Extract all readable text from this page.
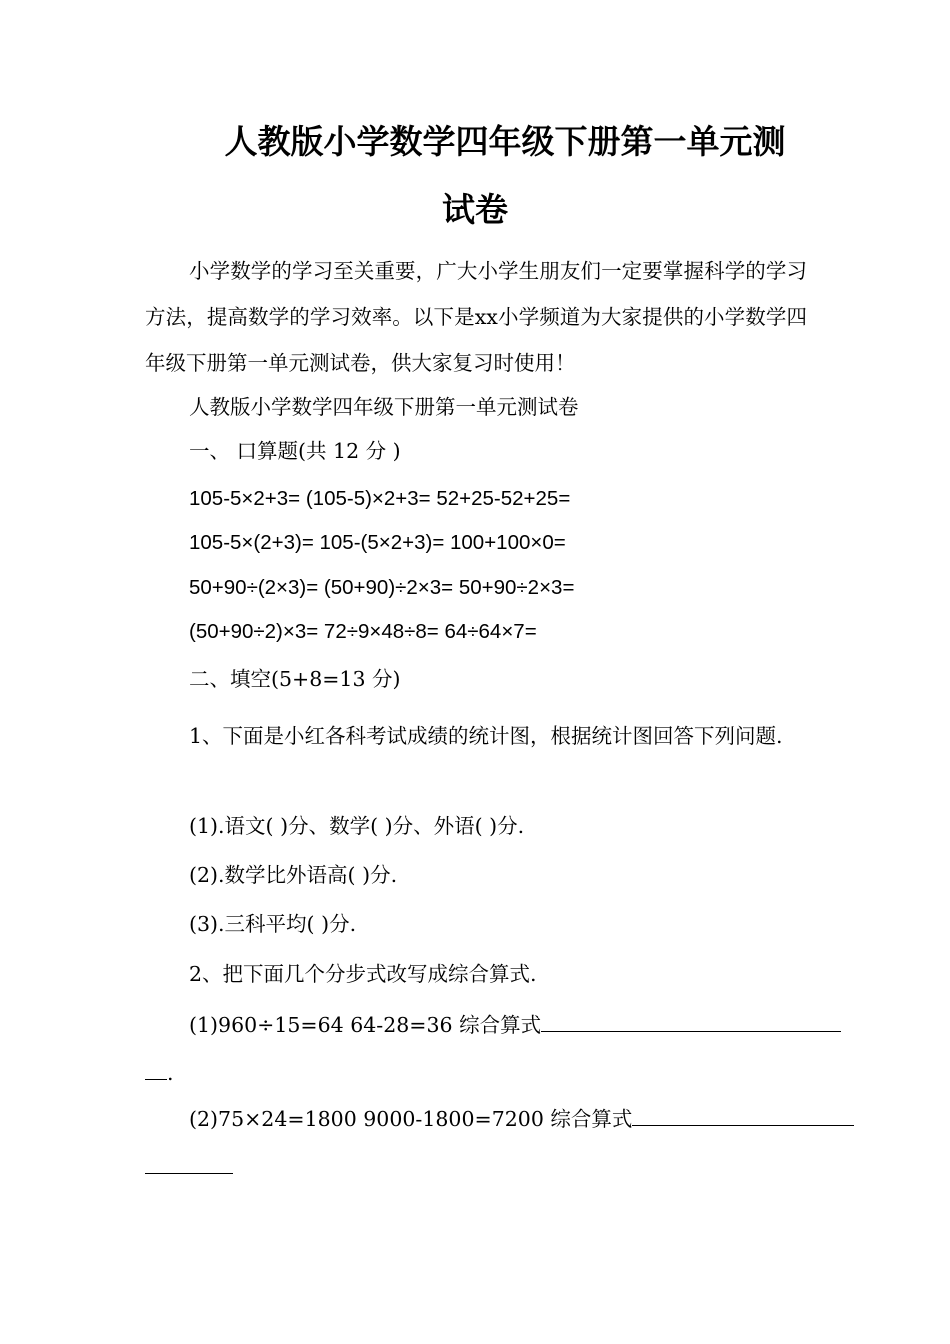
人教版小学数学四年级下册第一单元测
试卷

小学数学的学习至关重要，广大小学生朋友们一定要掌握科学的学习方法，提高数学的学习效率。以下是xx小学频道为大家提供的小学数学四年级下册第一单元测试卷，供大家复习时使用！

人教版小学数学四年级下册第一单元测试卷

一、 口算题(共 12 分 )

105-5×2+3= (105-5)×2+3= 52+25-52+25=

105-5×(2+3)= 105-(5×2+3)= 100+100×0=

50+90÷(2×3)= (50+90)÷2×3= 50+90÷2×3=

(50+90÷2)×3= 72÷9×48÷8= 64÷64×7=

二、填空(5+8=13 分)

1、下面是小红各科考试成绩的统计图，根据统计图回答下列问题.

(1).语文( )分、数学( )分、外语( )分.

(2).数学比外语高( )分.

(3).三科平均( )分.

2、把下面几个分步式改写成综合算式.

(1)960÷15=64 64-28=36 综合算式

.

(2)75×24=1800 9000-1800=7200 综合算式
